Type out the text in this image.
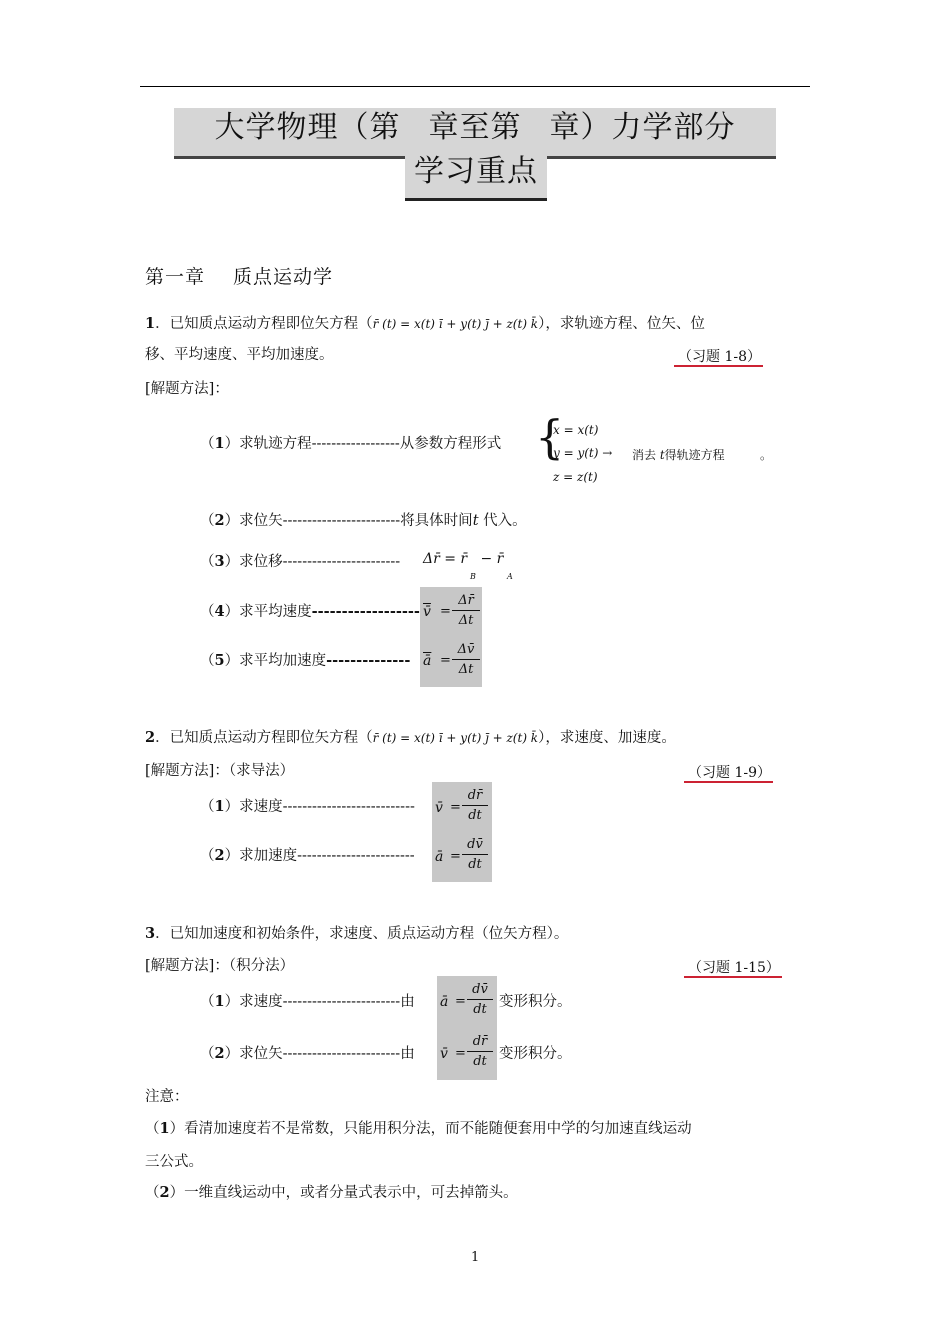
大学物理（第 章至第 章）力学部分
学习重点
第一章 质点运动学
1．已知质点运动方程即位矢方程（r̄ (t) = x(t) ī + y(t) j̄ + z(t) k̄），求轨迹方程、位矢、位
移、平均速度、平均加速度。	（习题 1-8）
[解题方法]：
（1）求轨迹方程------------------从参数方程形式 {
x = x(t)
y = y(t) →
z = z(t)
消去 t得轨迹方程	。
（2）求位矢------------------------将具体时间t 代入。
（3）求位移------------------------ Δr̄ = r̄   − r̄
B	A
（4）求平均速度------------------ v̄ = $\frac{\Delta r̄}{\Delta t}$
（5）求平均加速度-------------- $\overline{ā} = \frac{\Delta v̄}{\Delta t}$
2．已知质点运动方程即位矢方程（r̄ (t) = x(t) ī + y(t) j̄ + z(t) k̄），求速度、加速度。
[解题方法]：（求导法）	（习题 1-9）
（1）求速度--------------------------- v̄ = $\frac{dr̄}{dt}$
（2）求加速度------------------------ ā = $\frac{dv̄}{dt}$
3．已知加速度和初始条件，求速度、质点运动方程（位矢方程）。
[解题方法]：（积分法）	（习题 1-15）
（1）求速度------------------------由 ā = $\frac{dv̄}{dt}$ 变形积分。
（2）求位矢------------------------由 v̄ = $\frac{dr̄}{dt}$ 变形积分。
注意：
（1）看清加速度若不是常数，只能用积分法，而不能随便套用中学的匀加速直线运动
三公式。
（2）一维直线运动中，或者分量式表示中，可去掉箭头。
1
